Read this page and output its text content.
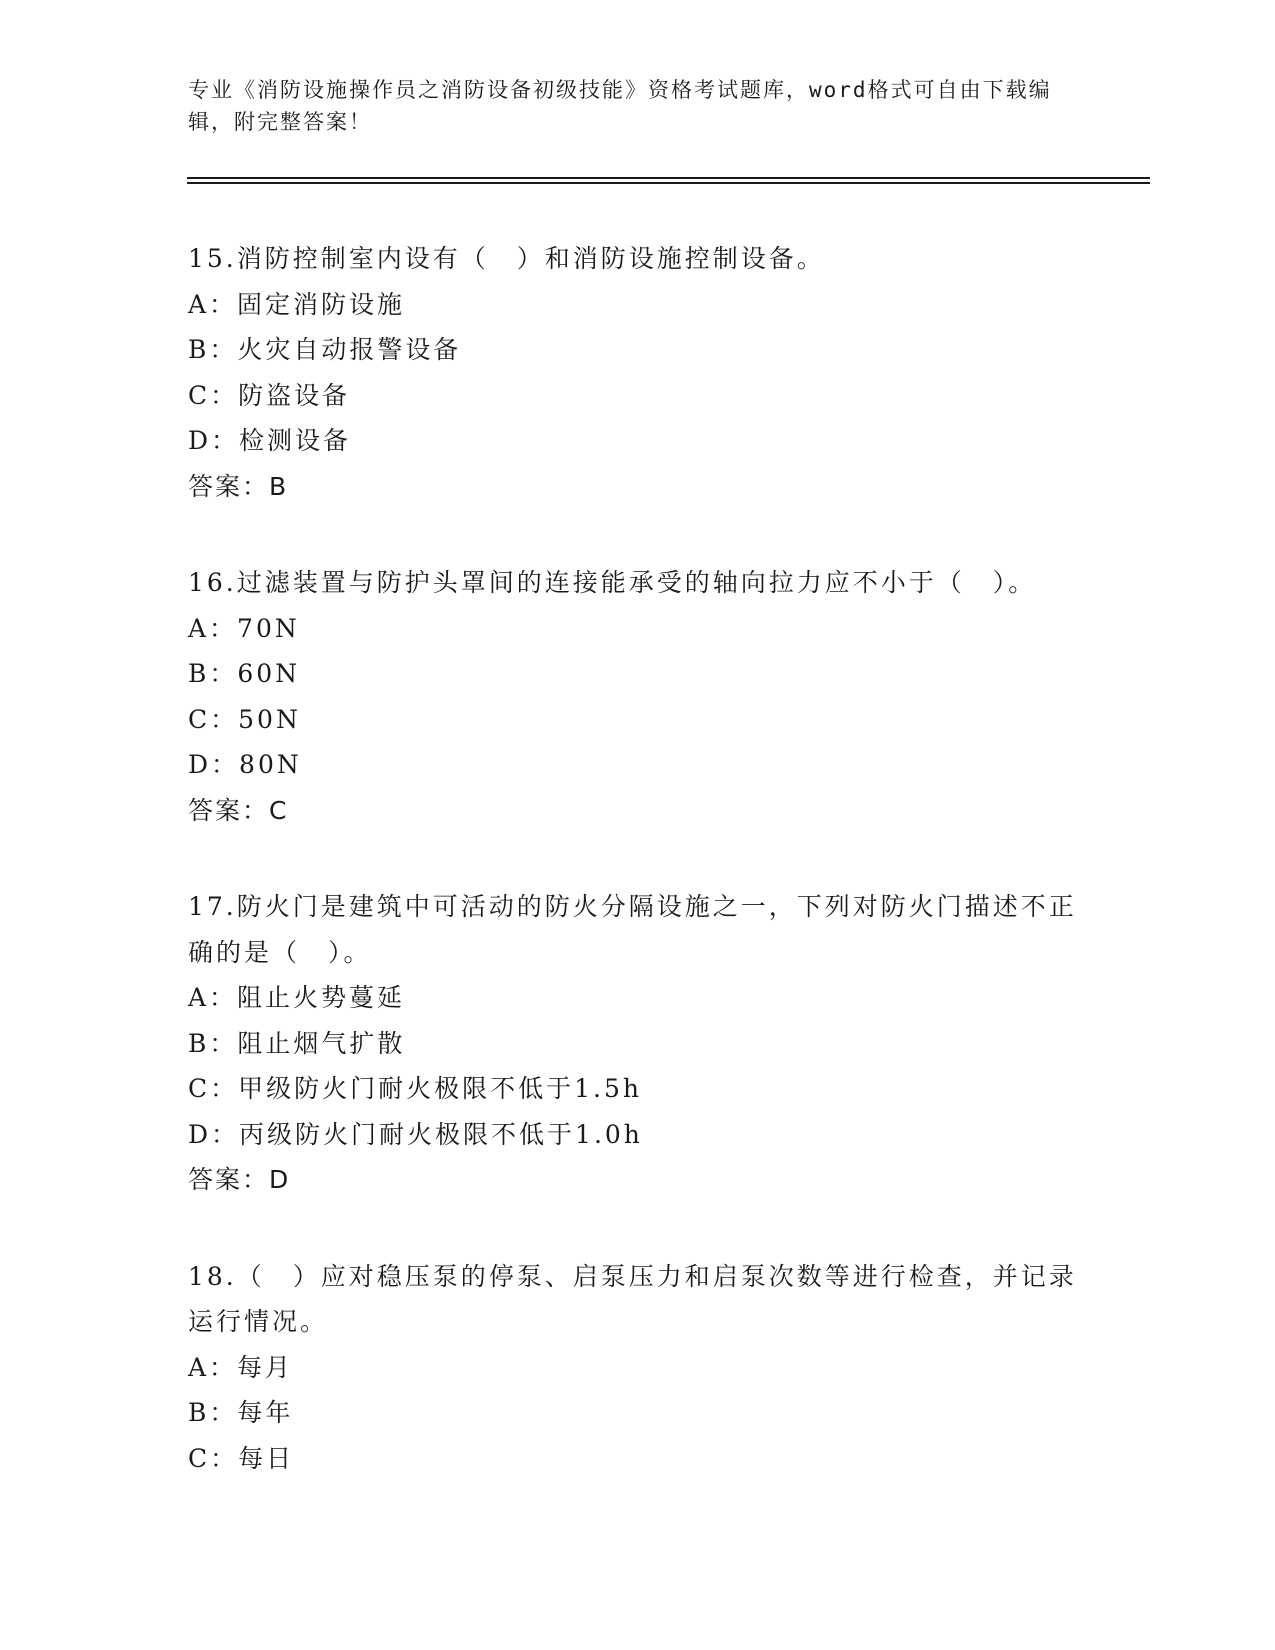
专业《消防设施操作员之消防设备初级技能》资格考试题库，word格式可自由下载编辑，附完整答案！
15.消防控制室内设有（　）和消防设施控制设备。
A：固定消防设施
B：火灾自动报警设备
C：防盗设备
D：检测设备
答案：B
16.过滤装置与防护头罩间的连接能承受的轴向拉力应不小于（　）。
A：70N
B：60N
C：50N
D：80N
答案：C
17.防火门是建筑中可活动的防火分隔设施之一，下列对防火门描述不正确的是（　）。
A：阻止火势蔓延
B：阻止烟气扩散
C：甲级防火门耐火极限不低于1.5h
D：丙级防火门耐火极限不低于1.0h
答案：D
18.（　）应对稳压泵的停泵、启泵压力和启泵次数等进行检查，并记录运行情况。
A：每月
B：每年
C：每日
